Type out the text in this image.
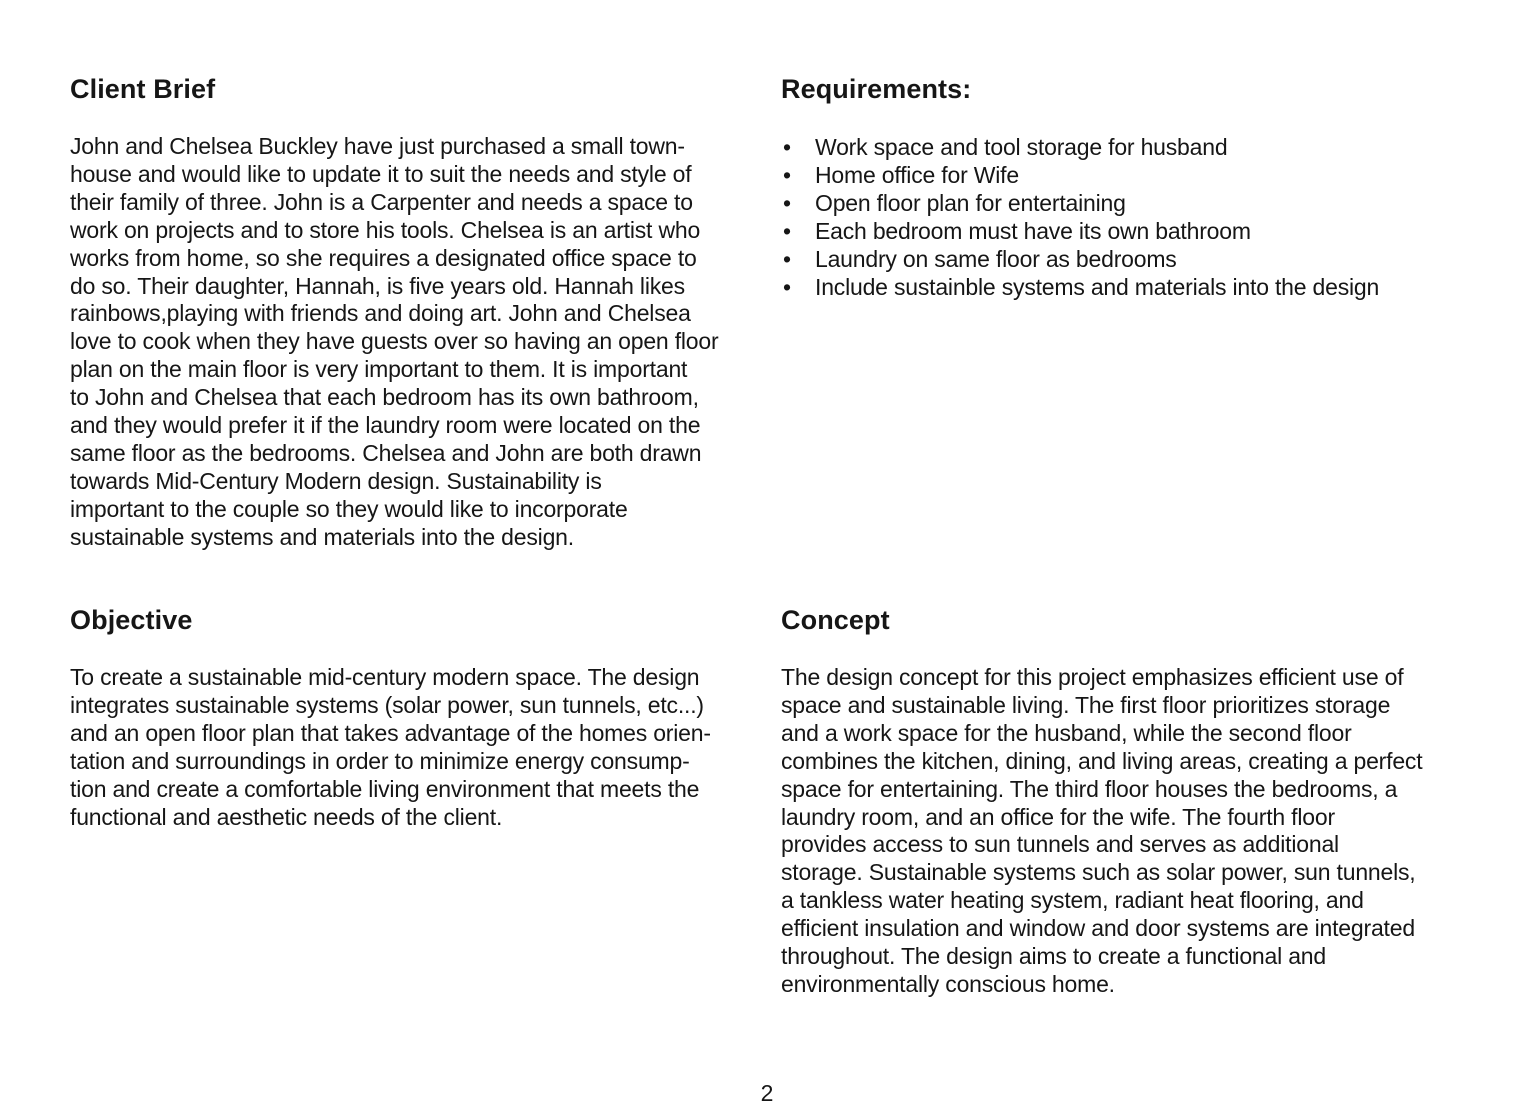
Client Brief

John and Chelsea Buckley have just purchased a small town-
house and would like to update it to suit the needs and style of
their family of three. John is a Carpenter and needs a space to
work on projects and to store his tools. Chelsea is an artist who
works from home, so she requires a designated office space to
do so. Their daughter, Hannah, is five years old. Hannah likes
rainbows,playing with friends and doing art. John and Chelsea
love to cook when they have guests over so having an open floor
plan on the main floor is very important to them. It is important
to John and Chelsea that each bedroom has its own bathroom,
and they would prefer it if the laundry room were located on the
same floor as the bedrooms. Chelsea and John are both drawn
towards Mid-Century Modern design. Sustainability is
important to the couple so they would like to incorporate
sustainable systems and materials into the design.

Requirements:
• Work space and tool storage for husband
• Home office for Wife
• Open floor plan for entertaining
• Each bedroom must have its own bathroom
• Laundry on same floor as bedrooms
• Include sustainble systems and materials into the design
Objective

To create a sustainable mid-century modern space. The design
integrates sustainable systems (solar power, sun tunnels, etc...)
and an open floor plan that takes advantage of the homes orien-
tation and surroundings in order to minimize energy consump-
tion and create a comfortable living environment that meets the
functional and aesthetic needs of the client.

Concept

The design concept for this project emphasizes efficient use of
space and sustainable living. The first floor prioritizes storage
and a work space for the husband, while the second floor
combines the kitchen, dining, and living areas, creating a perfect
space for entertaining. The third floor houses the bedrooms, a
laundry room, and an office for the wife. The fourth floor
provides access to sun tunnels and serves as additional
storage. Sustainable systems such as solar power, sun tunnels,
a tankless water heating system, radiant heat flooring, and
efficient insulation and window and door systems are integrated
throughout. The design aims to create a functional and
environmentally conscious home.

2
